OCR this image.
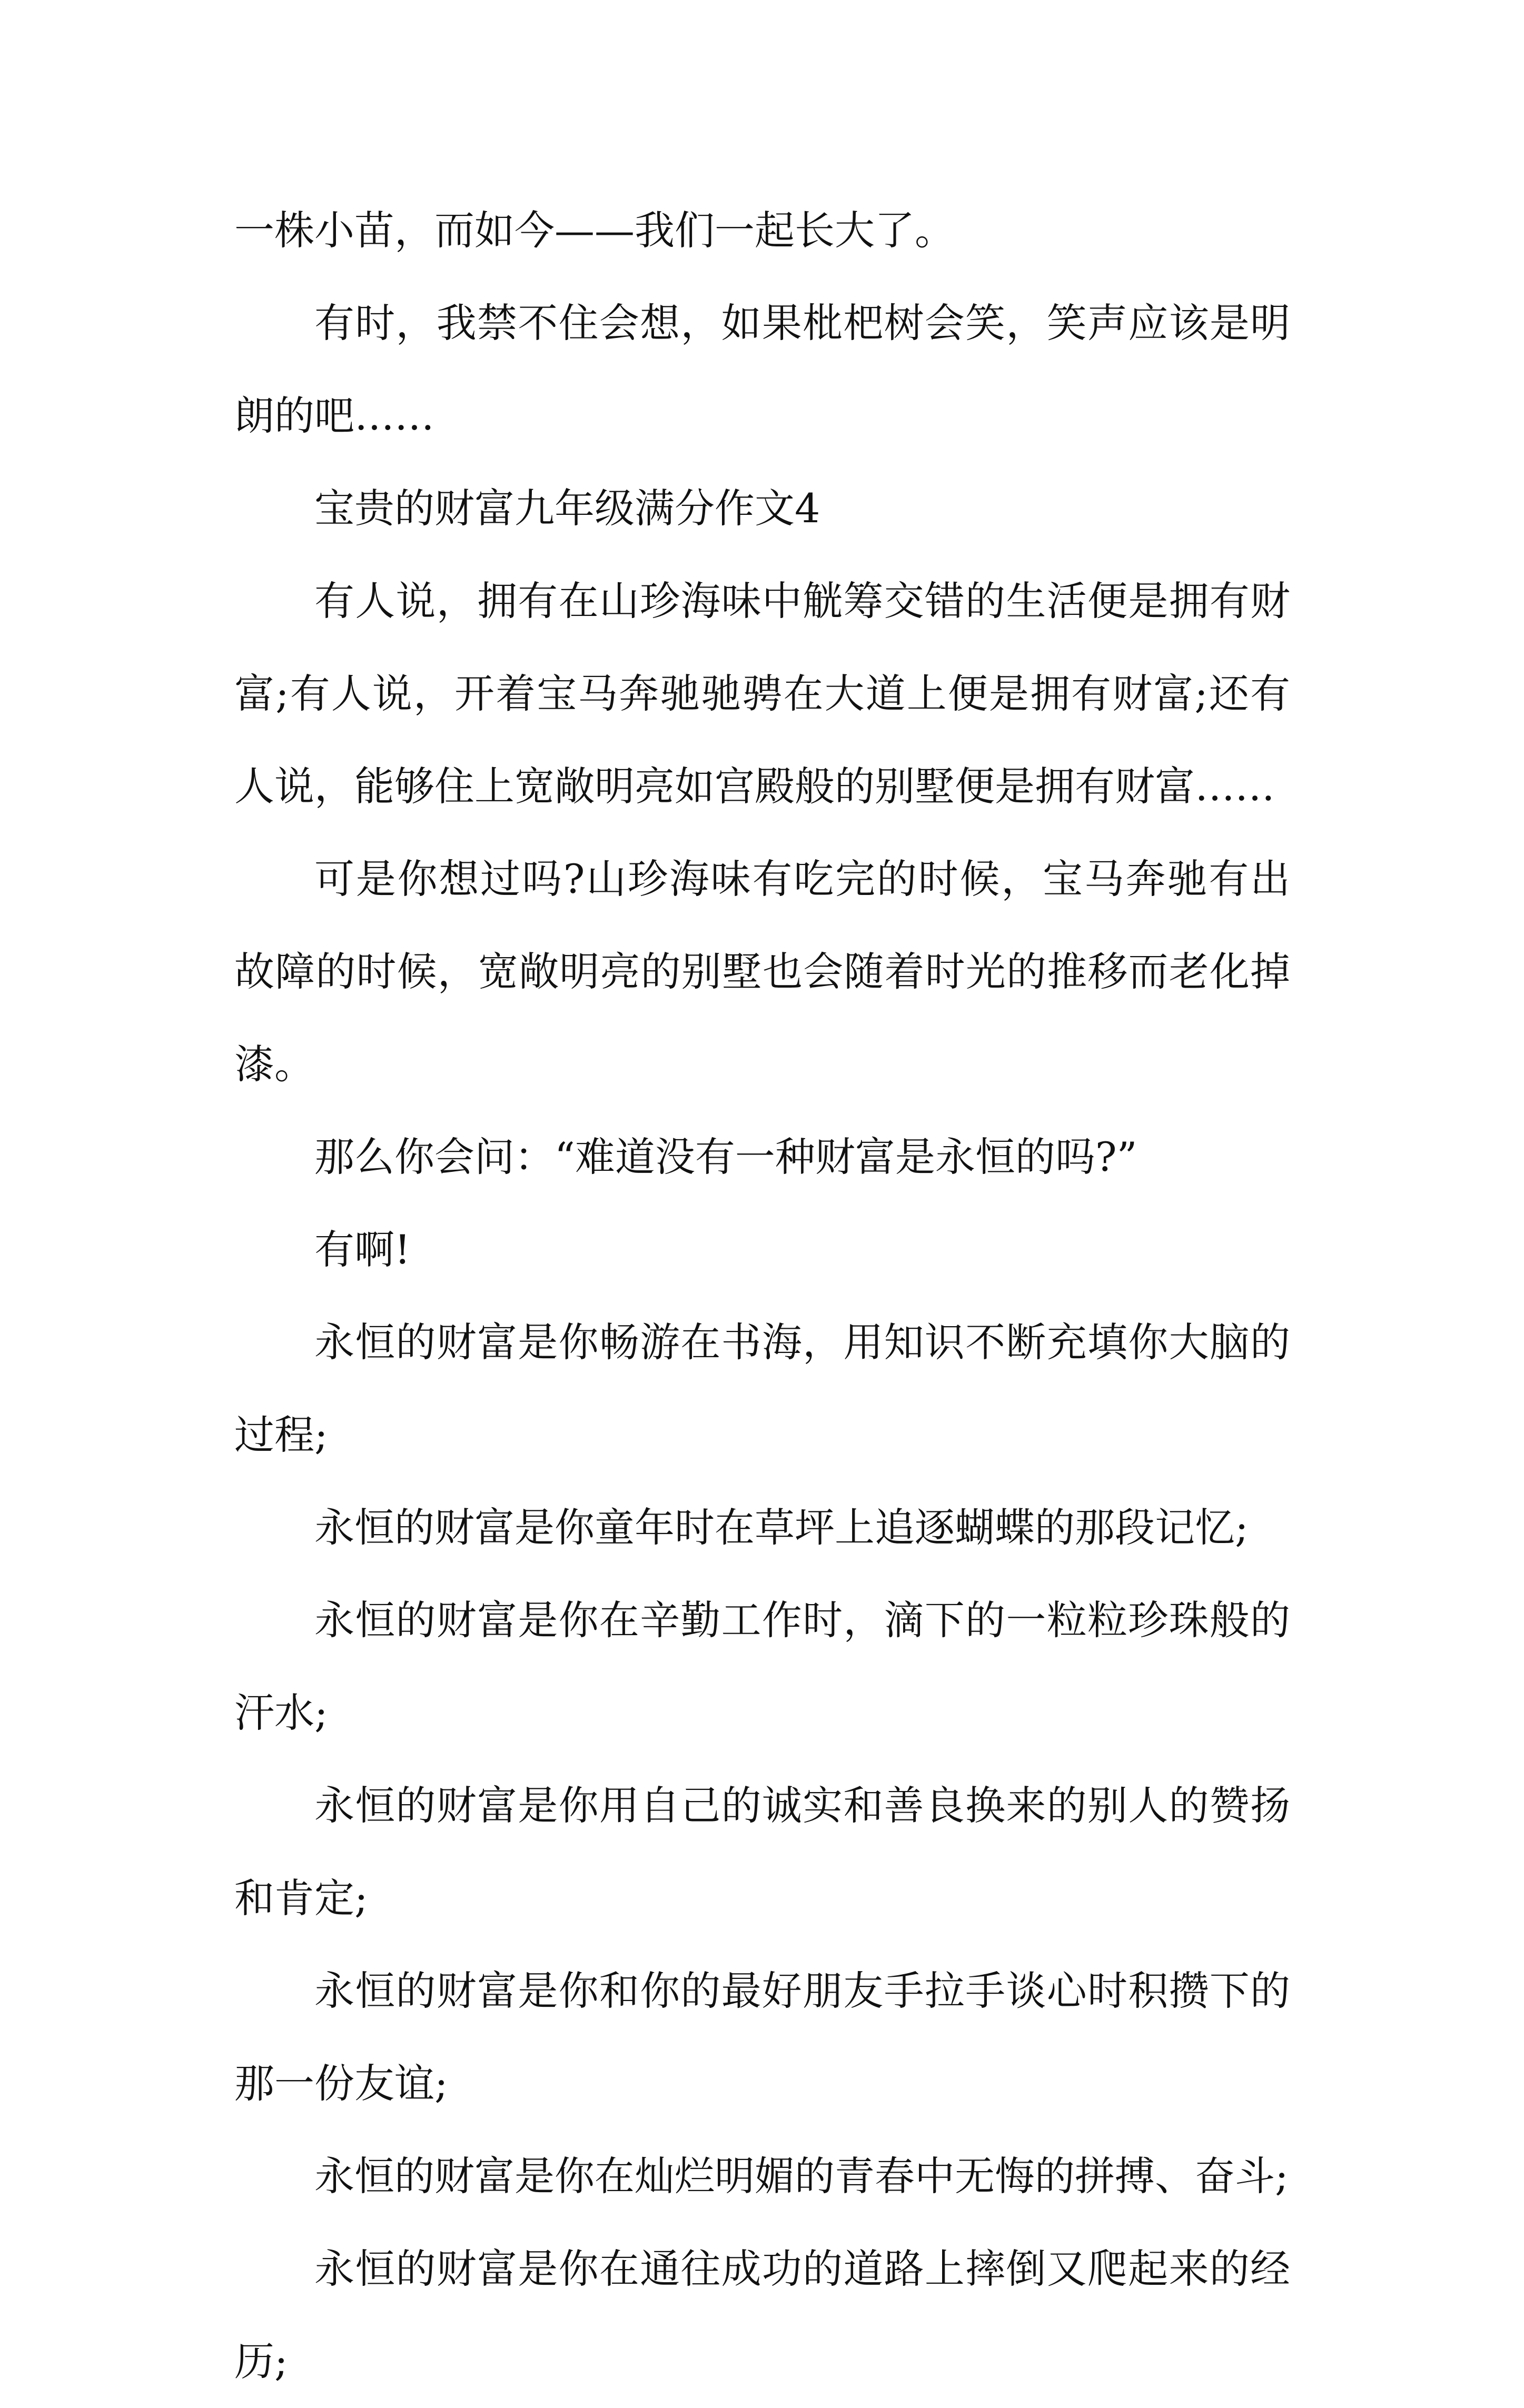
一株小苗，而如今——我们一起长大了。

有时，我禁不住会想，如果枇杷树会笑，笑声应该是明朗的吧……

宝贵的财富九年级满分作文4

有人说，拥有在山珍海味中觥筹交错的生活便是拥有财富;有人说，开着宝马奔驰驰骋在大道上便是拥有财富;还有人说，能够住上宽敞明亮如宫殿般的别墅便是拥有财富……

可是你想过吗?山珍海味有吃完的时候，宝马奔驰有出故障的时候，宽敞明亮的别墅也会随着时光的推移而老化掉漆。

那么你会问：“难道没有一种财富是永恒的吗?”

有啊!

永恒的财富是你畅游在书海，用知识不断充填你大脑的过程;

永恒的财富是你童年时在草坪上追逐蝴蝶的那段记忆;

永恒的财富是你在辛勤工作时，滴下的一粒粒珍珠般的汗水;

永恒的财富是你用自己的诚实和善良换来的别人的赞扬和肯定;

永恒的财富是你和你的最好朋友手拉手谈心时积攒下的那一份友谊;

永恒的财富是你在灿烂明媚的青春中无悔的拼搏、奋斗;

永恒的财富是你在通往成功的道路上摔倒又爬起来的经历;
